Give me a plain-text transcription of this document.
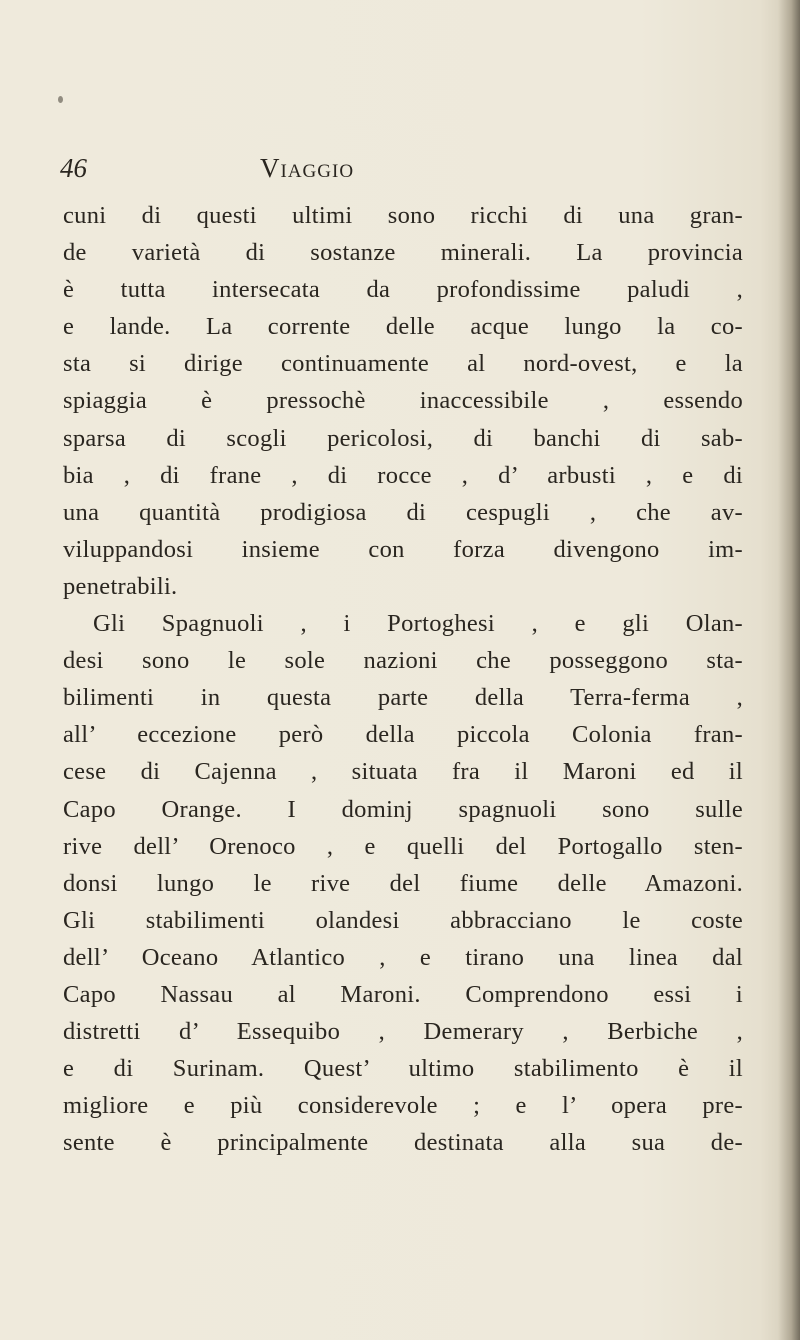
46	Viaggio
cuni di questi ultimi sono ricchi di una gran-
de varietà di sostanze minerali. La provincia
è tutta intersecata da profondissime paludi ,
e lande. La corrente delle acque lungo la co-
sta si dirige continuamente al nord-ovest, e la
spiaggia è pressochè inaccessibile , essendo
sparsa di scogli pericolosi, di banchi di sab-
bia , di frane , di rocce , d’ arbusti , e di
una quantità prodigiosa di cespugli , che av-
viluppandosi insieme con forza divengono im-
penetrabili.
Gli Spagnuoli , i Portoghesi , e gli Olan-
desi sono le sole nazioni che posseggono sta-
bilimenti in questa parte della Terra-ferma ,
all’ eccezione però della piccola Colonia fran-
cese di Cajenna , situata fra il Maroni ed il
Capo Orange. I dominj spagnuoli sono sulle
rive dell’ Orenoco , e quelli del Portogallo sten-
donsi lungo le rive del fiume delle Amazoni.
Gli stabilimenti olandesi abbracciano le coste
dell’ Oceano Atlantico , e tirano una linea dal
Capo Nassau al Maroni. Comprendono essi i
distretti d’ Essequibo , Demerary , Berbiche ,
e di Surinam. Quest’ ultimo stabilimento è il
migliore e più considerevole ; e l’ opera pre-
sente è principalmente destinata alla sua de-
